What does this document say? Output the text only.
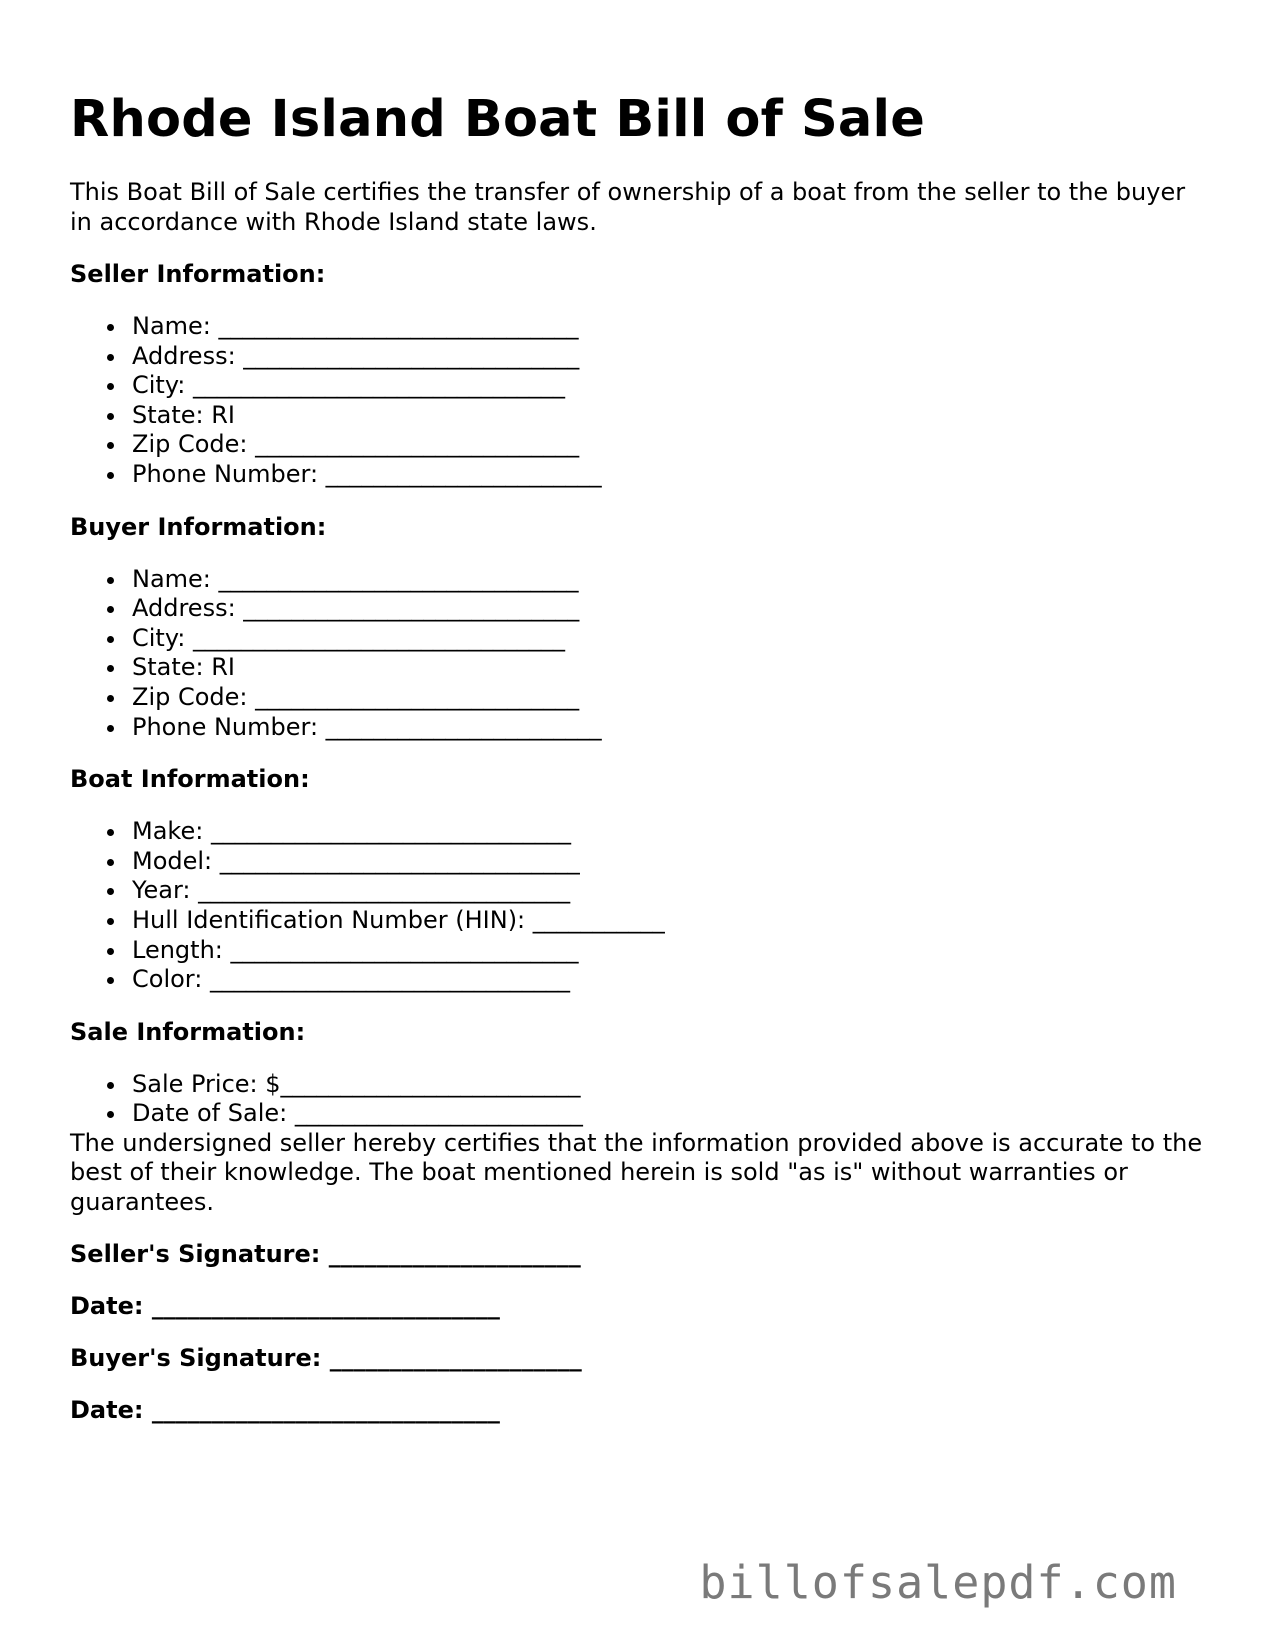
Rhode Island Boat Bill of Sale

This Boat Bill of Sale certifies the transfer of ownership of a boat from the seller to the buyer in accordance with Rhode Island state laws.

Seller Information:
Name: ______________________________
Address: ____________________________
City: _______________________________
State: RI
Zip Code: ___________________________
Phone Number: _______________________
Buyer Information:
Name: ______________________________
Address: ____________________________
City: _______________________________
State: RI
Zip Code: ___________________________
Phone Number: _______________________
Boat Information:
Make: ______________________________
Model: ______________________________
Year: _______________________________
Hull Identification Number (HIN): ___________
Length: _____________________________
Color: ______________________________
Sale Information:
Sale Price: $_________________________
Date of Sale: ________________________

The undersigned seller hereby certifies that the information provided above is accurate to the best of their knowledge. The boat mentioned herein is sold "as is" without warranties or guarantees.

Seller's Signature: _____________________

Date: _____________________________

Buyer's Signature: _____________________

Date: _____________________________

billofsalepdf.com
